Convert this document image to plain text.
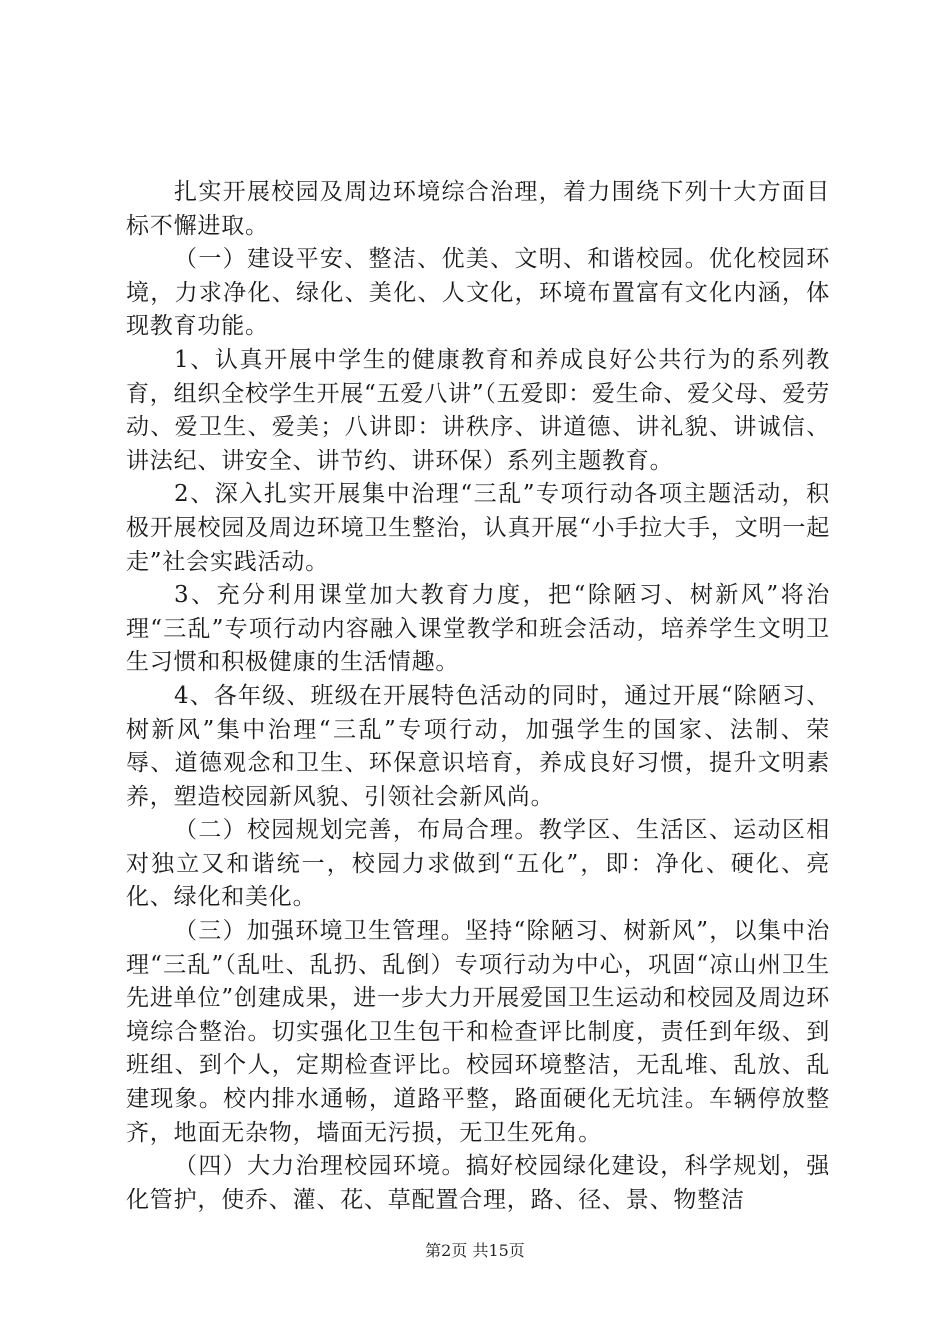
扎实开展校园及周边环境综合治理，着力围绕下列十大方面目标不懈进取。

（一）建设平安、整洁、优美、文明、和谐校园。优化校园环境，力求净化、绿化、美化、人文化，环境布置富有文化内涵，体现教育功能。

1、认真开展中学生的健康教育和养成良好公共行为的系列教育，组织全校学生开展“五爱八讲”（五爱即：爱生命、爱父母、爱劳动、爱卫生、爱美；八讲即：讲秩序、讲道德、讲礼貌、讲诚信、讲法纪、讲安全、讲节约、讲环保）系列主题教育。

2、深入扎实开展集中治理“三乱”专项行动各项主题活动，积极开展校园及周边环境卫生整治，认真开展“小手拉大手，文明一起走”社会实践活动。

3、充分利用课堂加大教育力度，把“除陋习、树新风”将治理“三乱”专项行动内容融入课堂教学和班会活动，培养学生文明卫生习惯和积极健康的生活情趣。

4、各年级、班级在开展特色活动的同时，通过开展“除陋习、树新风”集中治理“三乱”专项行动，加强学生的国家、法制、荣辱、道德观念和卫生、环保意识培育，养成良好习惯，提升文明素养，塑造校园新风貌、引领社会新风尚。

（二）校园规划完善，布局合理。教学区、生活区、运动区相对独立又和谐统一，校园力求做到“五化”，即：净化、硬化、亮化、绿化和美化。

（三）加强环境卫生管理。坚持“除陋习、树新风”，以集中治理“三乱”（乱吐、乱扔、乱倒）专项行动为中心，巩固“凉山州卫生先进单位”创建成果，进一步大力开展爱国卫生运动和校园及周边环境综合整治。切实强化卫生包干和检查评比制度，责任到年级、到班组、到个人，定期检查评比。校园环境整洁，无乱堆、乱放、乱建现象。校内排水通畅，道路平整，路面硬化无坑洼。车辆停放整齐，地面无杂物，墙面无污损，无卫生死角。

（四）大力治理校园环境。搞好校园绿化建设，科学规划，强化管护，使乔、灌、花、草配置合理，路、径、景、物整洁

第2页 共15页
